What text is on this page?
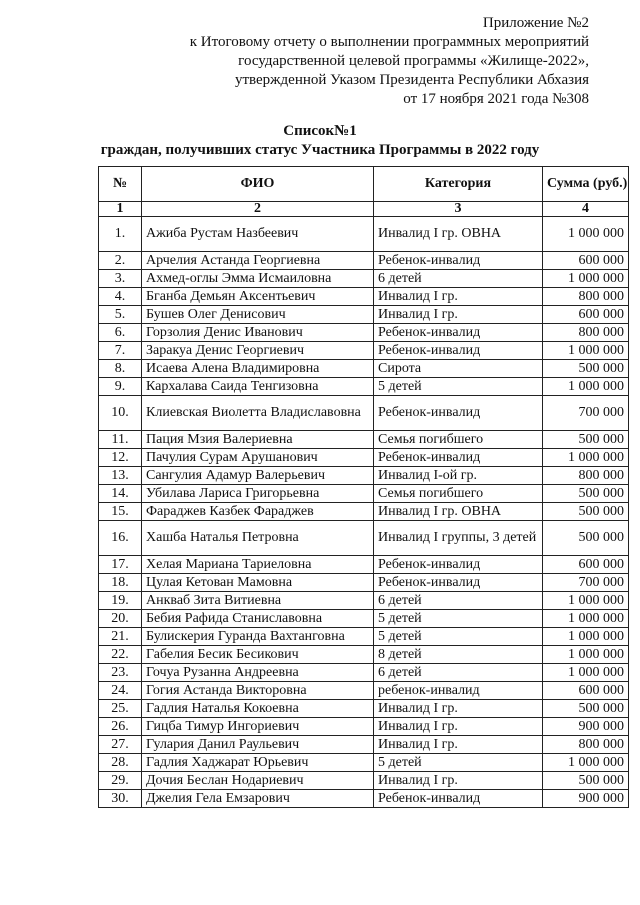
Приложение №2
к Итоговому отчету о выполнении программных мероприятий
государственной целевой программы «Жилище-2022»,
утвержденной Указом Президента Республики Абхазия
от 17 ноября 2021 года №308
Список№1
граждан, получивших статус Участника Программы в 2022 году
№	ФИО	Категория	Сумма (руб.)
1	2	3	4
1.	Ажиба Рустам Назбеевич	Инвалид I гр. ОВНА	1 000 000
2.	Арчелия Астанда Георгиевна	Ребенок-инвалид	600 000
3.	Ахмед-оглы Эмма Исмаиловна	6 детей	1 000 000
4.	Бганба Демьян Аксентьевич	Инвалид I гр.	800 000
5.	Бушев Олег Денисович	Инвалид I гр.	600 000
6.	Горзолия Денис Иванович	Ребенок-инвалид	800 000
7.	Заракуа Денис Георгиевич	Ребенок-инвалид	1 000 000
8.	Исаева Алена Владимировна	Сирота	500 000
9.	Кархалава Саида Тенгизовна	5 детей	1 000 000
10.	Клиевская Виолетта Владиславовна	Ребенок-инвалид	700 000
11.	Пация Мзия Валериевна	Семья погибшего	500 000
12.	Пачулия Сурам Арушанович	Ребенок-инвалид	1 000 000
13.	Сангулия Адамур Валерьевич	Инвалид I-ой гр.	800 000
14.	Убилава Лариса Григорьевна	Семья погибшего	500 000
15.	Фараджев Казбек Фараджев	Инвалид I гр. ОВНА	500 000
16.	Хашба Наталья Петровна	Инвалид I группы, 3 детей	500 000
17.	Хелая Мариана Тариеловна	Ребенок-инвалид	600 000
18.	Цулая Кетован Мамовна	Ребенок-инвалид	700 000
19.	Анкваб Зита Витиевна	6 детей	1 000 000
20.	Бебия Рафида Станиславовна	5 детей	1 000 000
21.	Булискерия Гуранда Вахтанговна	5 детей	1 000 000
22.	Габелия Бесик Бесикович	8 детей	1 000 000
23.	Гочуа Рузанна Андреевна	6 детей	1 000 000
24.	Гогия Астанда Викторовна	ребенок-инвалид	600 000
25.	Гадлия Наталья Кокоевна	Инвалид I гр.	500 000
26.	Гицба Тимур Ингориевич	Инвалид I гр.	900 000
27.	Гулария Данил Раульевич	Инвалид I гр.	800 000
28.	Гадлия Хаджарат Юрьевич	5 детей	1 000 000
29.	Дочия Беслан Нодариевич	Инвалид I гр.	500 000
30.	Джелия Гела Емзарович	Ребенок-инвалид	900 000
